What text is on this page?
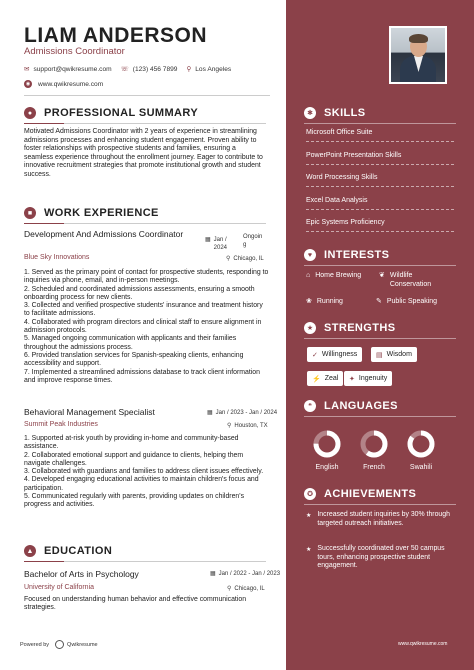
LIAM ANDERSON
Admissions Coordinator
✉ support@qwikresume.com ☏ (123) 456 7899 ⚲ Los Angeles
◉ www.qwikresume.com
●	PROFESSIONAL SUMMARY
Motivated Admissions Coordinator with 2 years of experience in streamlining admissions processes and enhancing student engagement. Proven ability to foster relationships with prospective students and families, ensuring a seamless experience throughout the enrollment journey. Eager to contribute to innovative recruitment strategies that promote institutional growth and student success.
■	WORK EXPERIENCE
Development And Admissions Coordinator
▦ Jan / 2024
Ongoin g
Blue Sky Innovations	⚲ Chicago, IL
1. Served as the primary point of contact for prospective students, responding to inquiries via phone, email, and in-person meetings.
2. Scheduled and coordinated admissions assessments, ensuring a smooth onboarding process for new clients.
3. Collected and verified prospective students' insurance and treatment history to facilitate admissions.
4. Collaborated with program directors and clinical staff to ensure alignment in admission protocols.
5. Managed ongoing communication with applicants and their families throughout the admissions process.
6. Provided translation services for Spanish-speaking clients, enhancing accessibility and support.
7. Implemented a streamlined admissions database to track client information and improve response times.
Behavioral Management Specialist	▦ Jan / 2023 - Jan / 2024
Summit Peak Industries	⚲ Houston, TX
1. Supported at-risk youth by providing in-home and community-based assistance.
2. Collaborated emotional support and guidance to clients, helping them navigate challenges.
3. Collaborated with guardians and families to address client issues effectively.
4. Developed engaging educational activities to maintain children's focus and participation.
5. Communicated regularly with parents, providing updates on children's progress and activities.
▲ EDUCATION
Bachelor of Arts in Psychology	▦ Jan / 2022 - Jan / 2023
University of California	⚲ Chicago, IL
Focused on understanding human behavior and effective communication strategies.
Powered by	Qwikresume
✱ SKILLS
Microsoft Office Suite
PowerPoint Presentation Skills
Word Processing Skills
Excel Data Analysis
Epic Systems Proficiency
♥	INTERESTS
⌂ Home Brewing	❦ Wildlife Conservation
❀ Running	✎ Public Speaking
★ STRENGTHS
✓ Willingness	▤ Wisdom
⚡ Zeal ✦ Ingenuity
❝	LANGUAGES
English	French	Swahili
✪ ACHIEVEMENTS
★ Increased student inquiries by 30% through targeted outreach initiatives.
★ Successfully coordinated over 50 campus tours, enhancing prospective student engagement.
www.qwikresume.com
